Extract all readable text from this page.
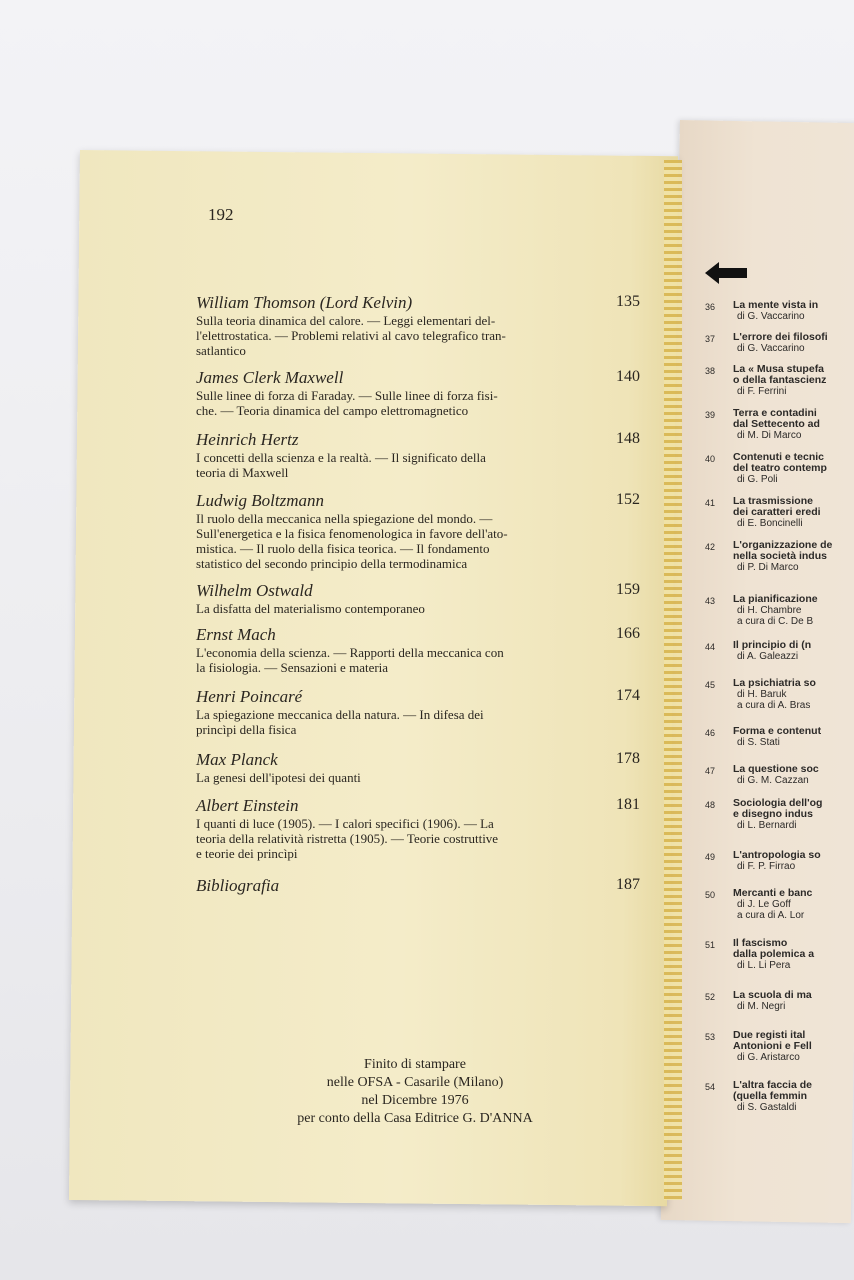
192
William Thomson (Lord Kelvin)	135
Sulla teoria dinamica del calore. — Leggi elementari del-
l'elettrostatica. — Problemi relativi al cavo telegrafico tran-
satlantico
James Clerk Maxwell	140
Sulle linee di forza di Faraday. — Sulle linee di forza fisi-
che. — Teoria dinamica del campo elettromagnetico
Heinrich Hertz	148
I concetti della scienza e la realtà. — Il significato della
teoria di Maxwell
Ludwig Boltzmann	152
Il ruolo della meccanica nella spiegazione del mondo. —
Sull'energetica e la fisica fenomenologica in favore dell'ato-
mistica. — Il ruolo della fisica teorica. — Il fondamento
statistico del secondo principio della termodinamica
Wilhelm Ostwald	159
La disfatta del materialismo contemporaneo
Ernst Mach	166
L'economia della scienza. — Rapporti della meccanica con
la fisiologia. — Sensazioni e materia
Henri Poincaré	174
La spiegazione meccanica della natura. — In difesa dei
princìpi della fisica
Max Planck	178
La genesi dell'ipotesi dei quanti
Albert Einstein	181
I quanti di luce (1905). — I calori specifici (1906). — La
teoria della relatività ristretta (1905). — Teorie costruttive
e teorie dei princìpi
Bibliografia	187
Finito di stampare
nelle OFSA - Casarile (Milano)
nel Dicembre 1976
per conto della Casa Editrice G. D'ANNA
36 La mente vista in
di G. Vaccarino
37 L'errore dei filosofi
di G. Vaccarino
38 La « Musa stupefa
o della fantascienz
di F. Ferrini
39 Terra e contadini
dal Settecento ad
di M. Di Marco
40 Contenuti e tecnic
del teatro contemp
di G. Poli
41 La trasmissione
dei caratteri eredi
di E. Boncinelli
42 L'organizzazione de
nella società indus
di P. Di Marco
43 La pianificazione
di H. Chambre
a cura di C. De B
44 Il principio di (n
di A. Galeazzi
45 La psichiatria so
di H. Baruk
a cura di A. Bras
46 Forma e contenut
di S. Stati
47 La questione soc
di G. M. Cazzan
48 Sociologia dell'og
e disegno indus
di L. Bernardi
49 L'antropologia so
di F. P. Firrao
50 Mercanti e banc
di J. Le Goff
a cura di A. Lor
51 Il fascismo
dalla polemica a
di L. Li Pera
52 La scuola di ma
di M. Negri
53 Due registi ital
Antonioni e Fell
di G. Aristarco
54 L'altra faccia de
(quella femmin
di S. Gastaldi
